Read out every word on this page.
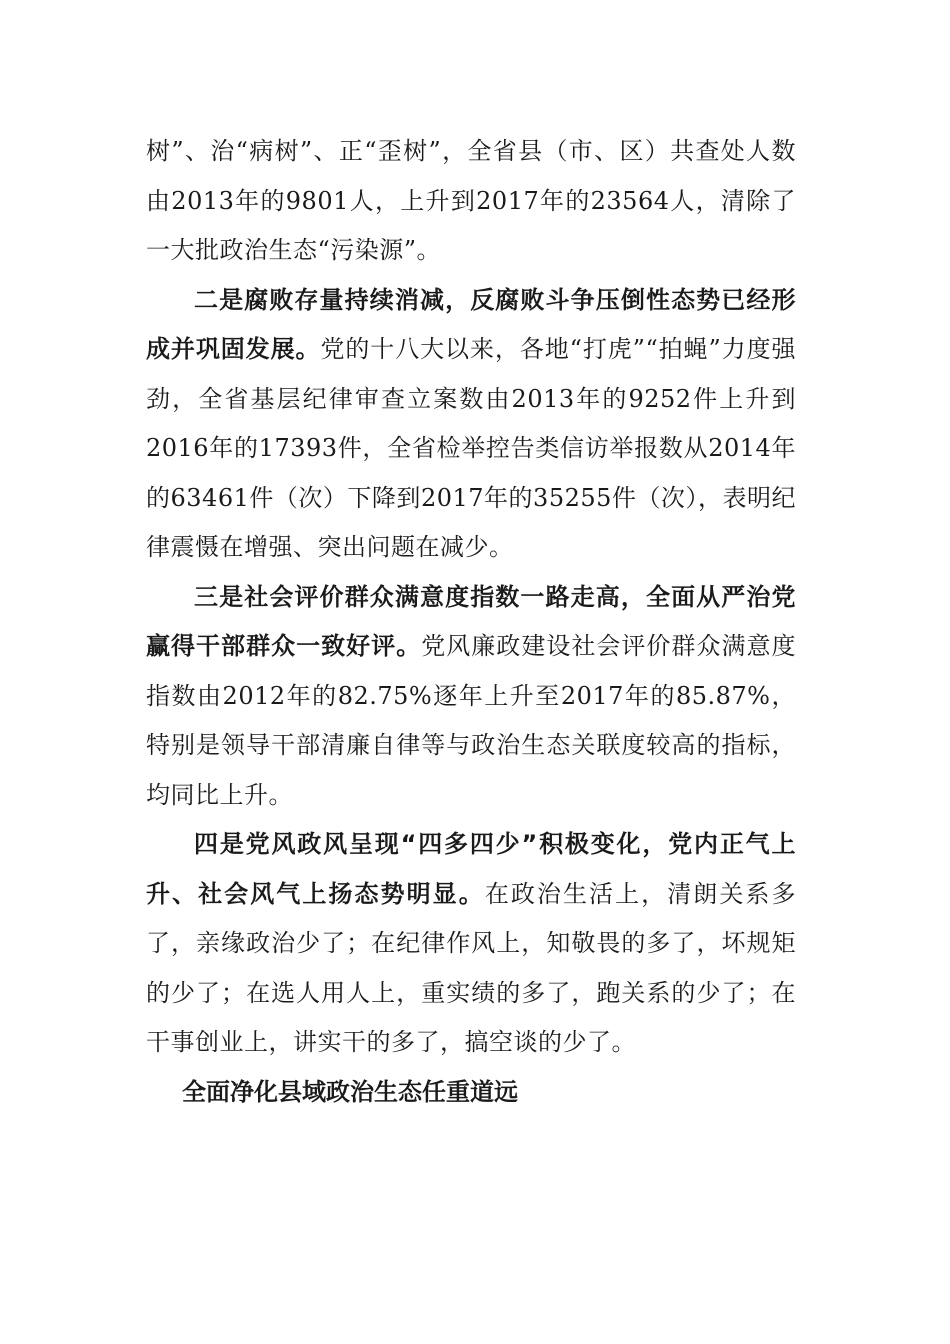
树”、治“病树”、正“歪树”，全省县（市、区）共查处人数由2013年的9801人，上升到2017年的23564人，清除了一大批政治生态“污染源”。

二是腐败存量持续消减，反腐败斗争压倒性态势已经形成并巩固发展。党的十八大以来，各地“打虎”“拍蝇”力度强劲，全省基层纪律审查立案数由2013年的9252件上升到2016年的17393件，全省检举控告类信访举报数从2014年的63461件（次）下降到2017年的35255件（次），表明纪律震慑在增强、突出问题在减少。

三是社会评价群众满意度指数一路走高，全面从严治党赢得干部群众一致好评。党风廉政建设社会评价群众满意度指数由2012年的82.75%逐年上升至2017年的85.87%，特别是领导干部清廉自律等与政治生态关联度较高的指标，均同比上升。

四是党风政风呈现“四多四少”积极变化，党内正气上升、社会风气上扬态势明显。在政治生活上，清朗关系多了，亲缘政治少了；在纪律作风上，知敬畏的多了，坏规矩的少了；在选人用人上，重实绩的多了，跑关系的少了；在干事创业上，讲实干的多了，搞空谈的少了。

全面净化县域政治生态任重道远
